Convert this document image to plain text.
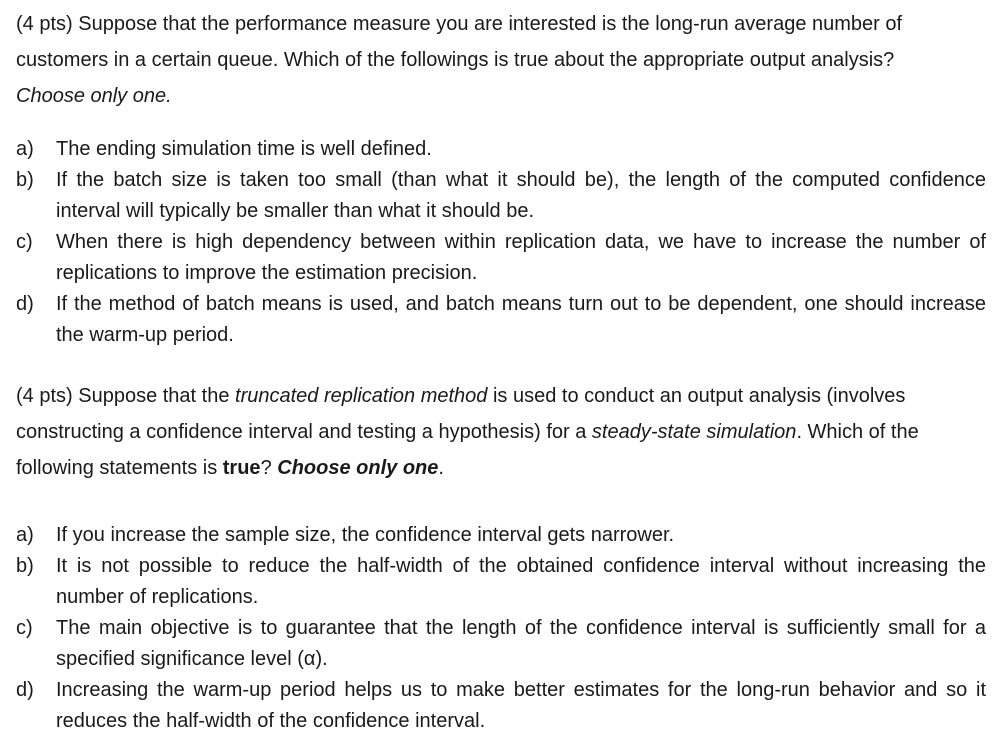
(4 pts) Suppose that the performance measure you are interested is the long-run average number of customers in a certain queue. Which of the followings is true about the appropriate output analysis? Choose only one.

a)	The ending simulation time is well defined.
b)	If the batch size is taken too small (than what it should be), the length of the computed confidence interval will typically be smaller than what it should be.
c)	When there is high dependency between within replication data, we have to increase the number of replications to improve the estimation precision.
d)	If the method of batch means is used, and batch means turn out to be dependent, one should increase the warm-up period.

(4 pts) Suppose that the truncated replication method is used to conduct an output analysis (involves constructing a confidence interval and testing a hypothesis) for a steady-state simulation. Which of the following statements is true? Choose only one.

a)	If you increase the sample size, the confidence interval gets narrower.
b)	It is not possible to reduce the half-width of the obtained confidence interval without increasing the number of replications.
c)	The main objective is to guarantee that the length of the confidence interval is sufficiently small for a specified significance level (α).
d)	Increasing the warm-up period helps us to make better estimates for the long-run behavior and so it reduces the half-width of the confidence interval.
